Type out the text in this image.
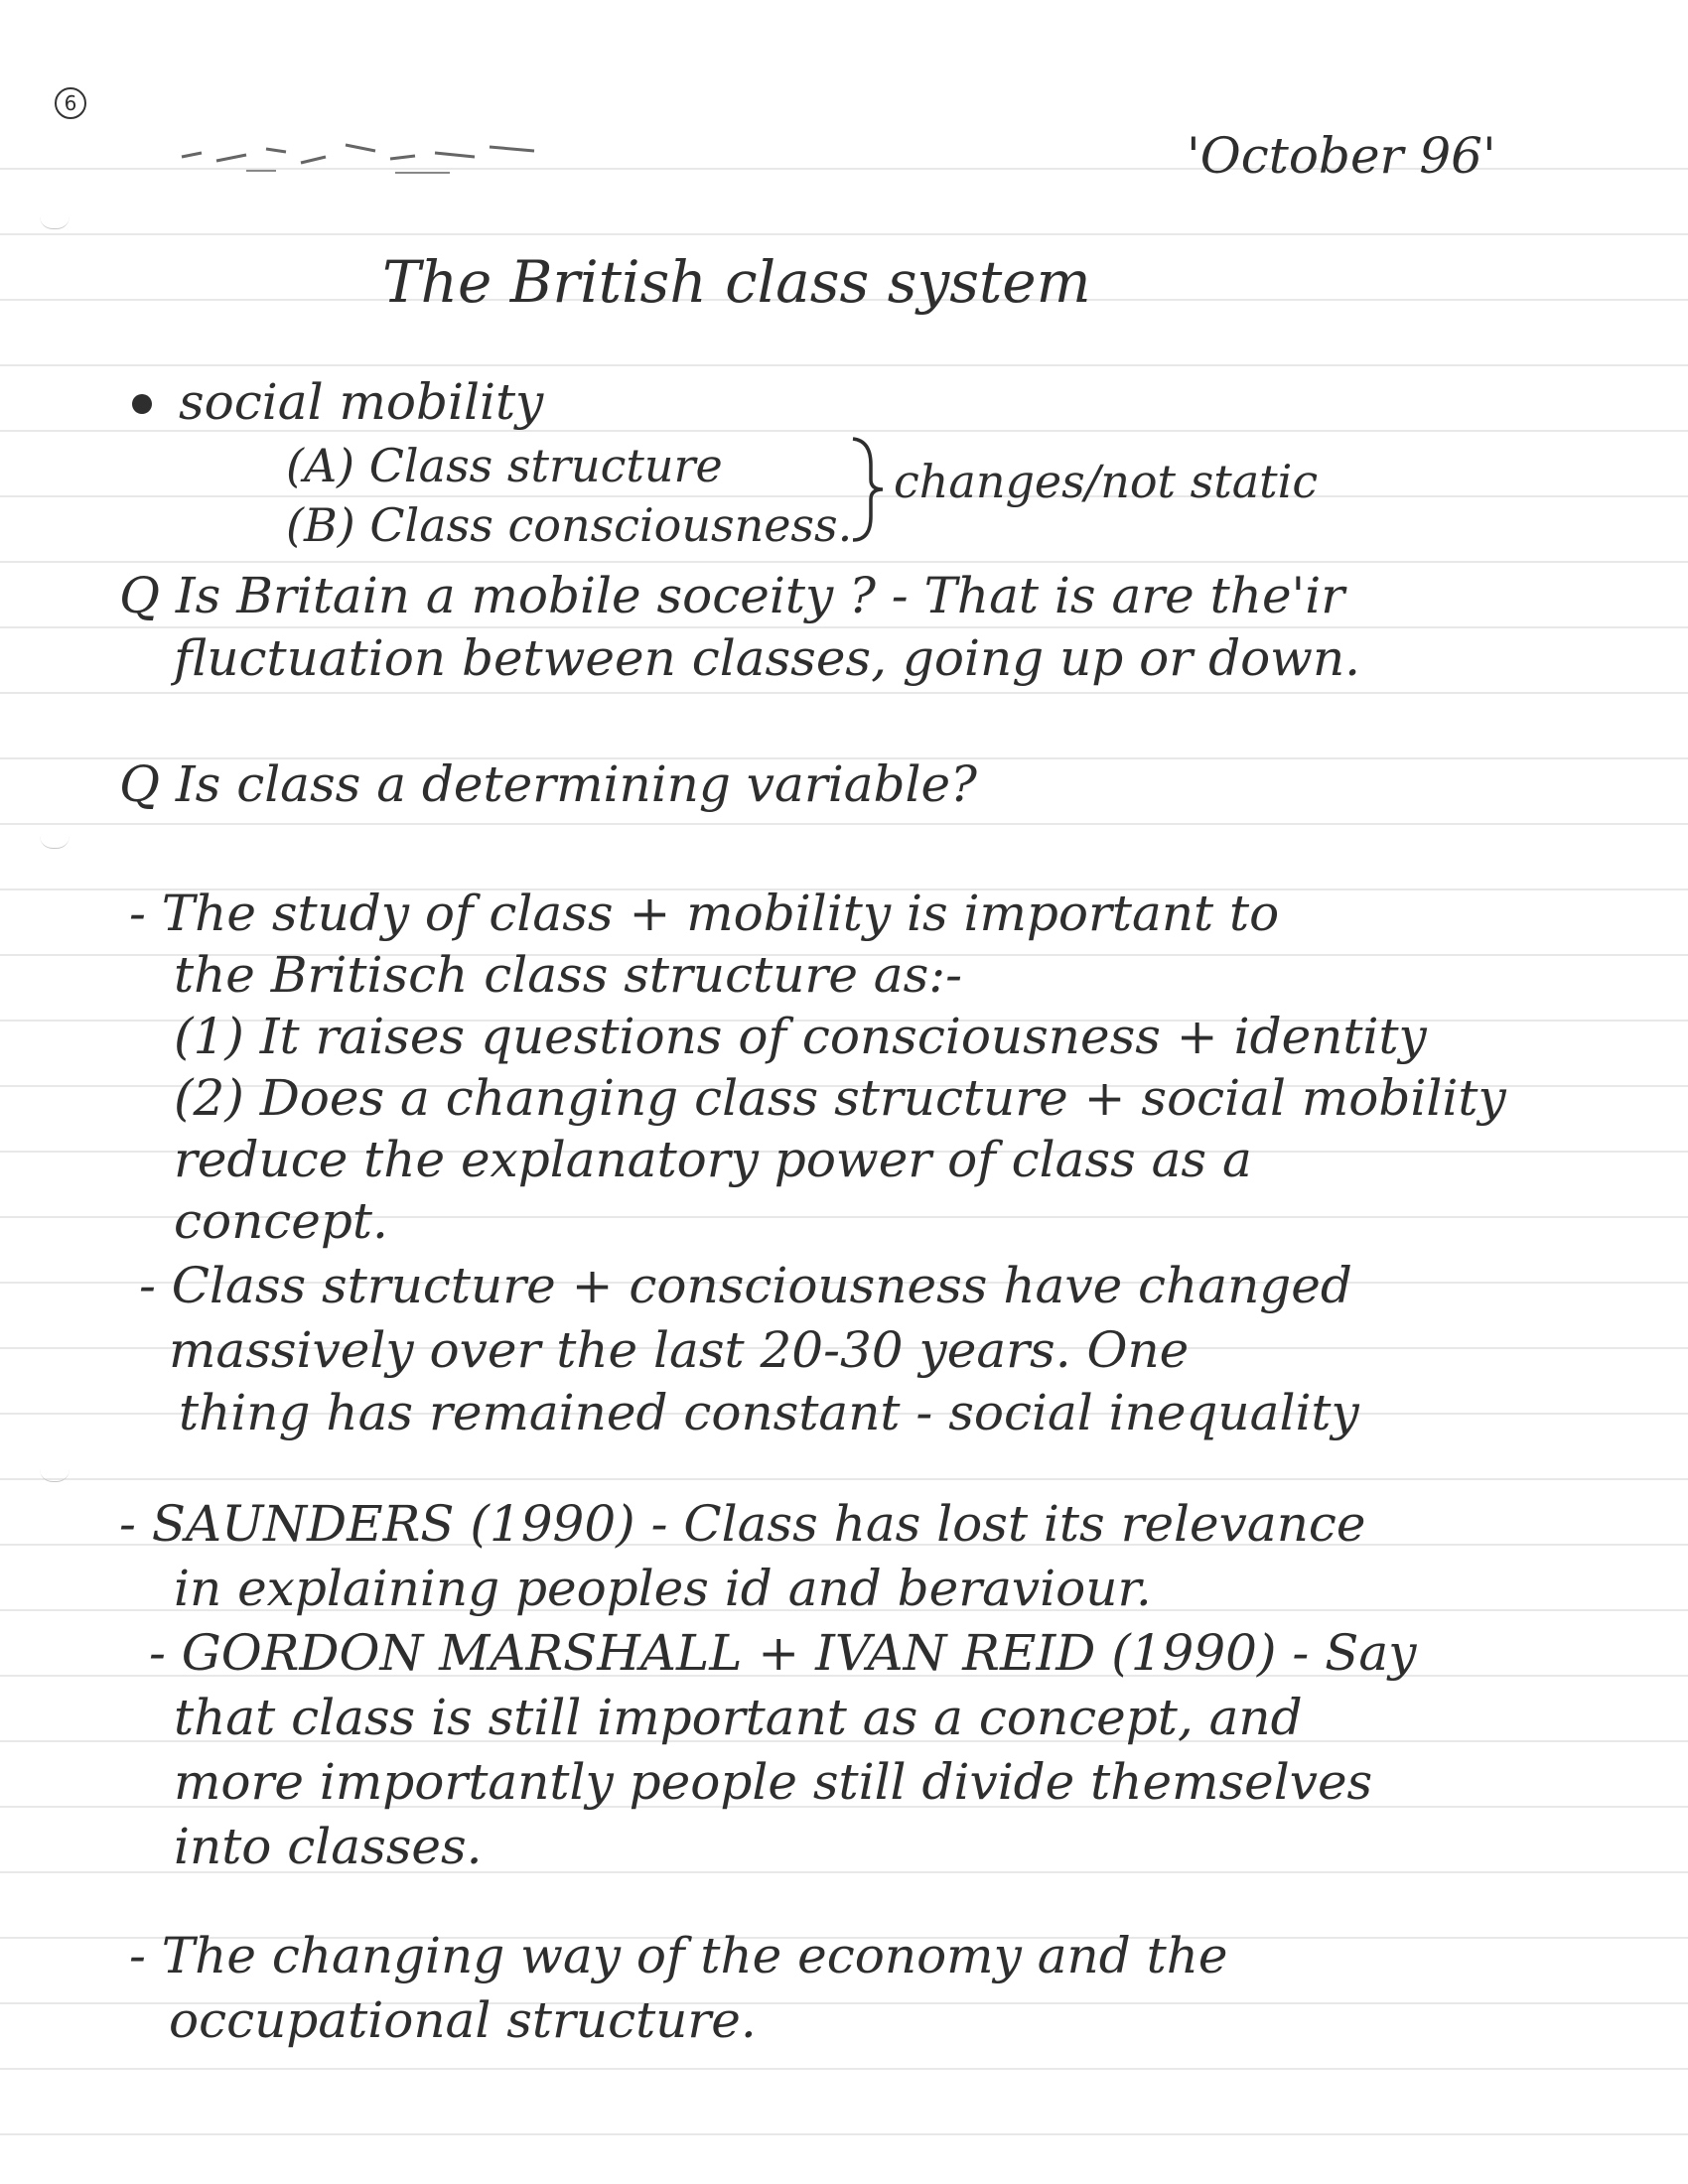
6
'October 96'
The British class system
social mobility
(A) Class structure
(B) Class consciousness.
changes/not static
Q Is Britain a mobile soceity ? - That is are the'ir
fluctuation between classes, going up or down.
Q Is class a determining variable?
- The study of class + mobility is important to
the Britisch class structure as:-
(1) It raises questions of consciousness + identity
(2) Does a changing class structure + social mobility
reduce the explanatory power of class as a
concept.
- Class structure + consciousness have changed
massively over the last 20-30 years. One
thing has remained constant - social inequality
- SAUNDERS (1990) - Class has lost its relevance
in explaining peoples id and beraviour.
- GORDON MARSHALL + IVAN REID (1990) - Say
that class is still important as a concept, and
more importantly people still divide themselves
into classes.
- The changing way of the economy and the
occupational structure.
